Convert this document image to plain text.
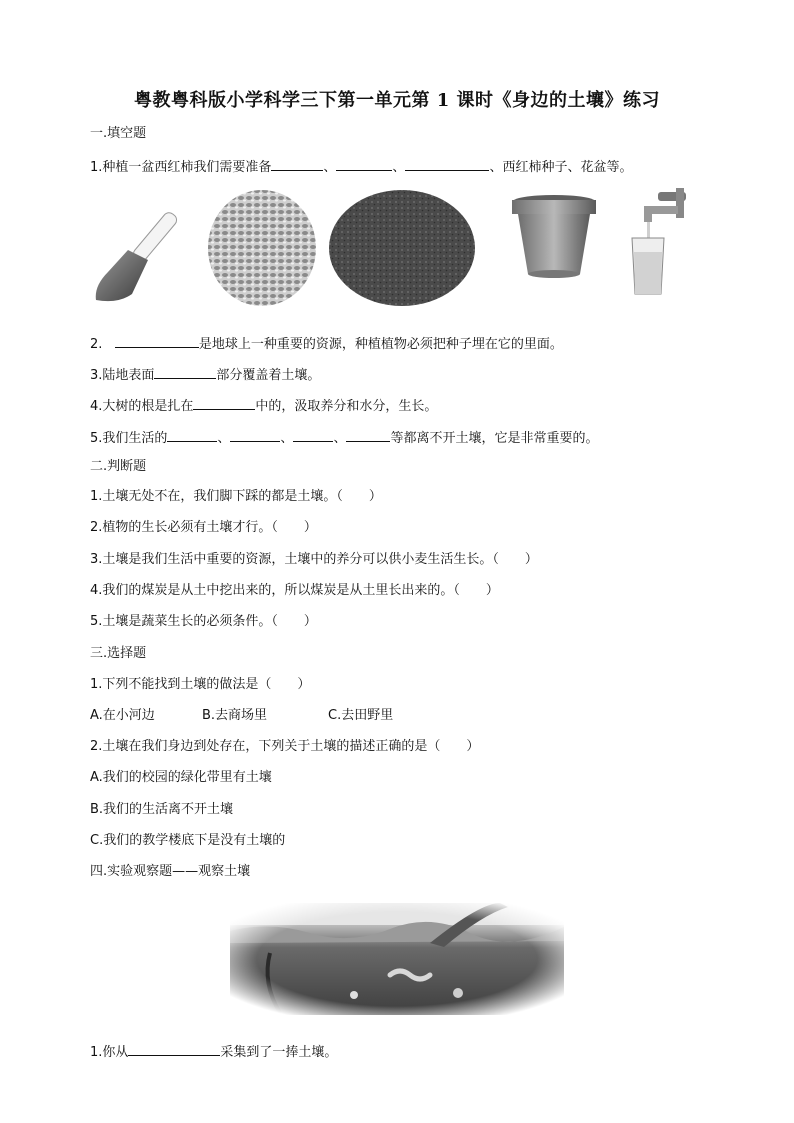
粤教粤科版小学科学三下第一单元第 1 课时《身边的土壤》练习
一.填空题
1.种植一盆西红柿我们需要准备	、	、	、西红柿种子、花盆等。
2.	是地球上一种重要的资源，种植植物必须把种子埋在它的里面。
3.陆地表面	部分覆盖着土壤。
4.大树的根是扎在	中的，汲取养分和水分，生长。
5.我们生活的	、	、	、	等都离不开土壤，它是非常重要的。
二.判断题
1.土壤无处不在，我们脚下踩的都是土壤。（　　）
2.植物的生长必须有土壤才行。（　　）
3.土壤是我们生活中重要的资源，土壤中的养分可以供小麦生活生长。（　　）
4.我们的煤炭是从土中挖出来的，所以煤炭是从土里长出来的。（　　）
5.土壤是蔬菜生长的必须条件。（　　）
三.选择题
1.下列不能找到土壤的做法是（　　）
A.在小河边	B.去商场里	C.去田野里
2.土壤在我们身边到处存在，下列关于土壤的描述正确的是（　　）
A.我们的校园的绿化带里有土壤
B.我们的生活离不开土壤
C.我们的教学楼底下是没有土壤的
四.实验观察题——观察土壤
1.你从	采集到了一捧土壤。
